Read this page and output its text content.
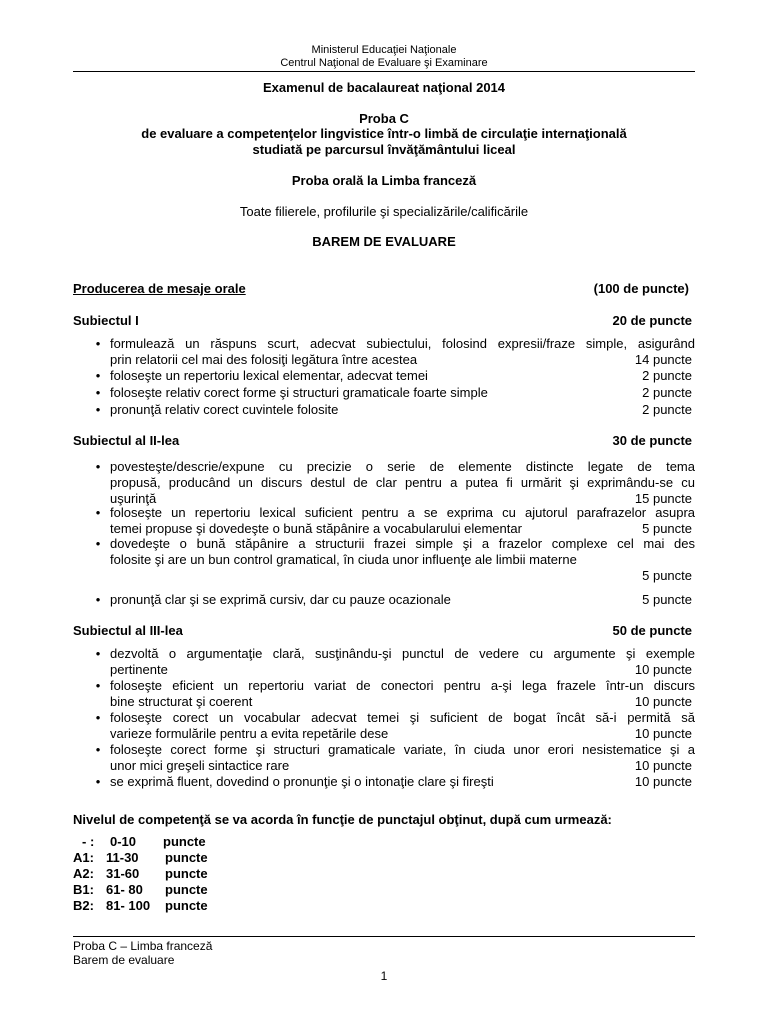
Ministerul Educaţiei Naţionale
Centrul Naţional de Evaluare şi Examinare
Examenul de bacalaureat naţional 2014
Proba C
de evaluare a competenţelor lingvistice într-o limbă de circulaţie internaţională
studiată pe parcursul învăţământului liceal
Proba orală la Limba franceză
Toate filierele, profilurile şi specializările/calificările
BAREM DE EVALUARE
Producerea de mesaje orale	(100 de puncte)
Subiectul I	20 de puncte
• formulează un răspuns scurt, adecvat subiectului, folosind expresii/fraze simple, asigurând
prin relatorii cel mai des folosiţi legătura între acestea	14 puncte
• foloseşte un repertoriu lexical elementar, adecvat temei	2 puncte
• foloseşte relativ corect forme şi structuri gramaticale foarte simple	2 puncte
• pronunţă relativ corect cuvintele folosite	2 puncte
Subiectul al II-lea	30 de puncte
• povesteşte/descrie/expune cu precizie o serie de elemente distincte legate de tema
propusă, producând un discurs destul de clar pentru a putea fi urmărit şi exprimându-se cu
uşurinţă	15 puncte
• foloseşte un repertoriu lexical suficient pentru a se exprima cu ajutorul parafrazelor asupra
temei propuse şi dovedeşte o bună stăpânire a vocabularului elementar	5 puncte
• dovedeşte o bună stăpânire a structurii frazei simple şi a frazelor complexe cel mai des
folosite şi are un bun control gramatical, în ciuda unor influenţe ale limbii materne
5 puncte
• pronunţă clar şi se exprimă cursiv, dar cu pauze ocazionale	5 puncte
Subiectul al III-lea	50 de puncte
• dezvoltă o argumentaţie clară, susţinându-şi punctul de vedere cu argumente şi exemple
pertinente	10 puncte
• foloseşte eficient un repertoriu variat de conectori pentru a-şi lega frazele într-un discurs
bine structurat şi coerent	10 puncte
• foloseşte corect un vocabular adecvat temei şi suficient de bogat încât să-i permită să
varieze formulările pentru a evita repetările dese	10 puncte
• foloseşte corect forme şi structuri gramaticale variate, în ciuda unor erori nesistematice şi a
unor mici greşeli sintactice rare	10 puncte
• se exprimă fluent, dovedind o pronunţie şi o intonaţie clare şi fireşti	10 puncte
Nivelul de competenţă se va acorda în funcţie de punctajul obţinut, după cum urmează:
- : 0-10 puncte
A1: 11-30 puncte
A2: 31-60 puncte
B1: 61- 80 puncte
B2: 81- 100 puncte
Proba C – Limba franceză
Barem de evaluare
1
